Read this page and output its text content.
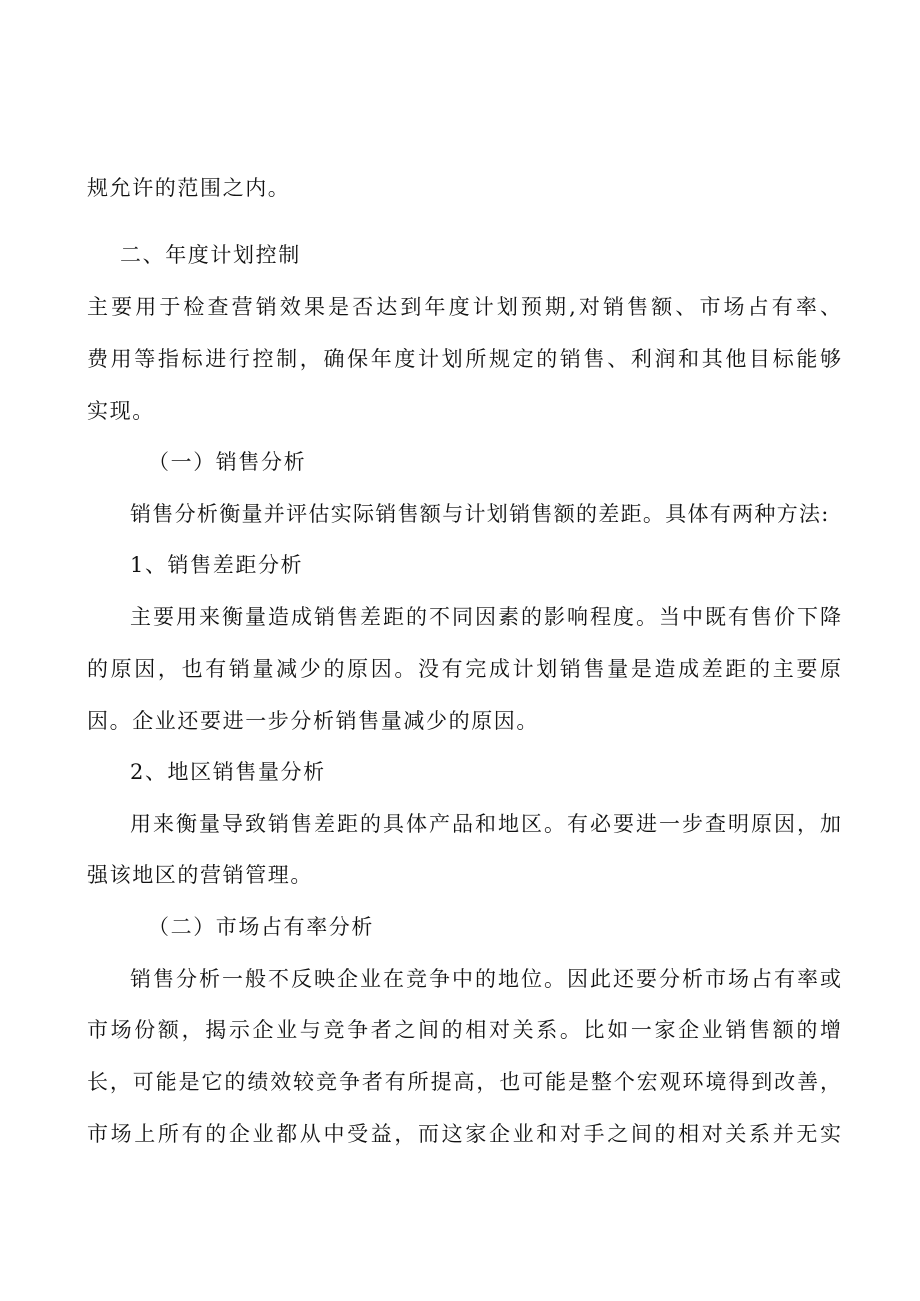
规允许的范围之内。
二、年度计划控制
主要用于检查营销效果是否达到年度计划预期,对销售额、市场占有率、
费用等指标进行控制，确保年度计划所规定的销售、利润和其他目标能够
实现。
（一）销售分析
销售分析衡量并评估实际销售额与计划销售额的差距。具体有两种方法:
1、销售差距分析
主要用来衡量造成销售差距的不同因素的影响程度。当中既有售价下降
的原因，也有销量减少的原因。没有完成计划销售量是造成差距的主要原
因。企业还要进一步分析销售量减少的原因。
2、地区销售量分析
用来衡量导致销售差距的具体产品和地区。有必要进一步查明原因，加
强该地区的营销管理。
（二）市场占有率分析
销售分析一般不反映企业在竞争中的地位。因此还要分析市场占有率或
市场份额，揭示企业与竞争者之间的相对关系。比如一家企业销售额的增
长，可能是它的绩效较竞争者有所提高，也可能是整个宏观环境得到改善，
市场上所有的企业都从中受益，而这家企业和对手之间的相对关系并无实
